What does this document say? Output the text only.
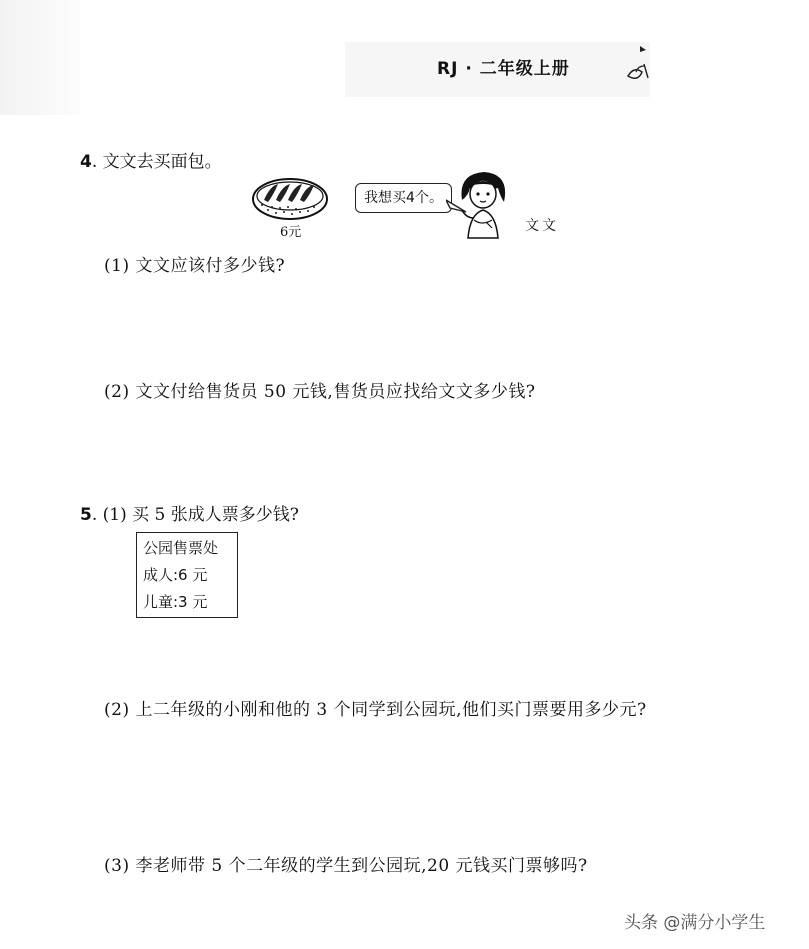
RJ · 二年级上册
4. 文文去买面包。
6元
我想买4个。
文文
(1) 文文应该付多少钱?
(2) 文文付给售货员 50 元钱,售货员应找给文文多少钱?
5. (1) 买 5 张成人票多少钱?
公园售票处
成人:6 元
儿童:3 元
(2) 上二年级的小刚和他的 3 个同学到公园玩,他们买门票要用多少元?
(3) 李老师带 5 个二年级的学生到公园玩,20 元钱买门票够吗?
头条 @满分小学生
